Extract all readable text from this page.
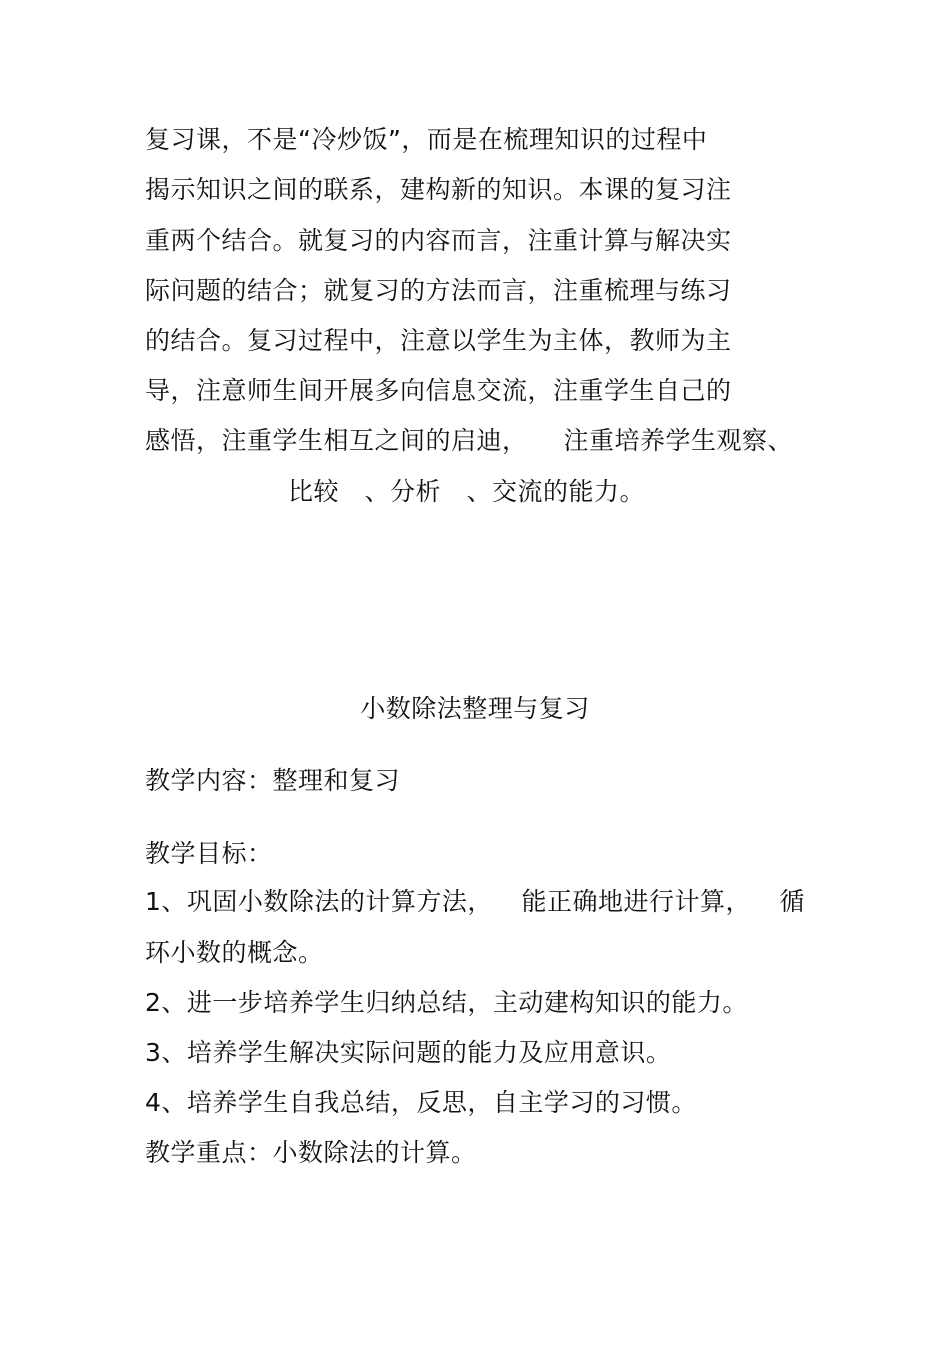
复习课，不是“冷炒饭”，而是在梳理知识的过程中
揭示知识之间的联系，建构新的知识。本课的复习注
重两个结合。就复习的内容而言，注重计算与解决实
际问题的结合；就复习的方法而言，注重梳理与练习
的结合。复习过程中，注意以学生为主体，教师为主
导，注意师生间开展多向信息交流，注重学生自己的
感悟，注重学生相互之间的启迪， 注重培养学生观察、
比较　、分析　、交流的能力。
小数除法整理与复习
教学内容：整理和复习
教学目标：
1、巩固小数除法的计算方法， 能正确地进行计算， 循
环小数的概念。
2、进一步培养学生归纳总结，主动建构知识的能力。
3、培养学生解决实际问题的能力及应用意识。
4、培养学生自我总结，反思，自主学习的习惯。
教学重点：小数除法的计算。
